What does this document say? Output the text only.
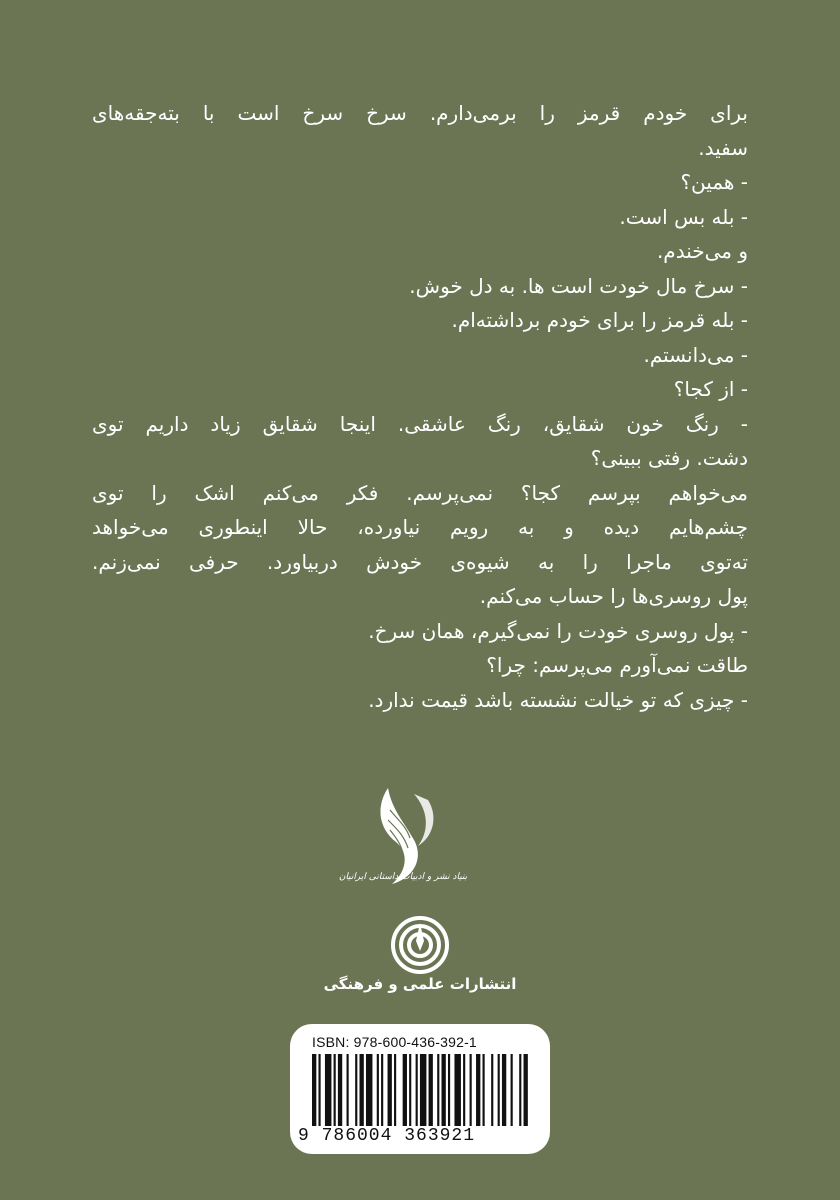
برای خودم قرمز را برمی‌دارم. سرخ سرخ است با بته‌جقه‌های
سفید.
- همین؟
- بله بس است.
و می‌خندم.
- سرخ مال خودت است ها. به دل خوش.
- بله قرمز را برای خودم برداشته‌ام.
- می‌دانستم.
- از کجا؟
- رنگ خون شقایق، رنگ عاشقی. اینجا شقایق زیاد داریم توی
دشت. رفتی ببینی؟
می‌خواهم بپرسم کجا؟ نمی‌پرسم. فکر می‌کنم اشک را توی
چشم‌هایم دیده و به رویم نیاورده، حالا اینطوری می‌خواهد
ته‌توی ماجرا را به شیوه‌ی خودش دربیاورد. حرفی نمی‌زنم.
پول روسری‌ها را حساب می‌کنم.
- پول روسری خودت را نمی‌گیرم، همان سرخ.
طاقت نمی‌آورم می‌پرسم: چرا؟
- چیزی که تو خیالت نشسته باشد قیمت ندارد.
بنیاد نشر و ادبیات داستانی ایرانیان
انتشارات علمی و فرهنگی
ISBN: 978-600-436-392-1
9 786004 363921
